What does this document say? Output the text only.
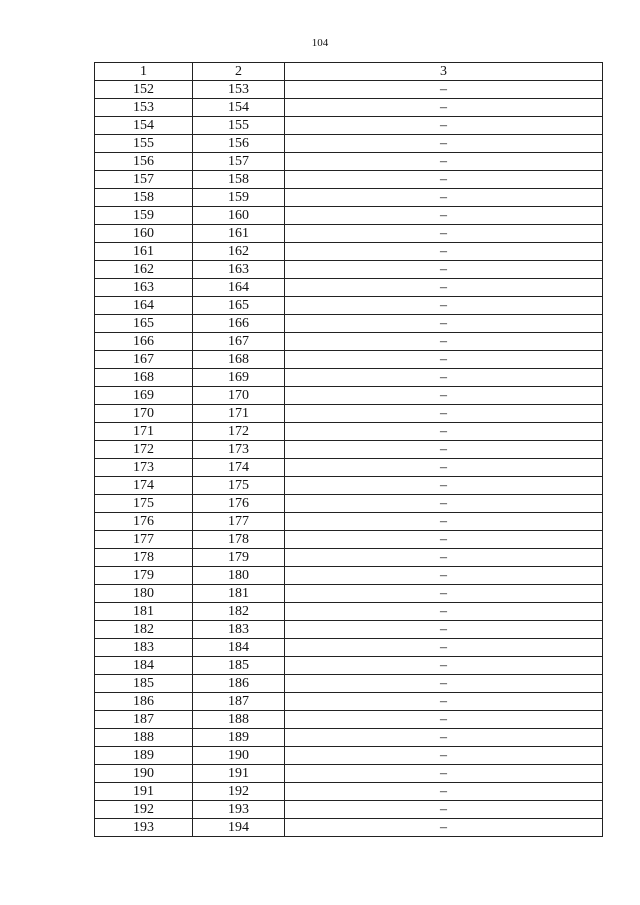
104
1	2	3
152	153	–
153	154	–
154	155	–
155	156	–
156	157	–
157	158	–
158	159	–
159	160	–
160	161	–
161	162	–
162	163	–
163	164	–
164	165	–
165	166	–
166	167	–
167	168	–
168	169	–
169	170	–
170	171	–
171	172	–
172	173	–
173	174	–
174	175	–
175	176	–
176	177	–
177	178	–
178	179	–
179	180	–
180	181	–
181	182	–
182	183	–
183	184	–
184	185	–
185	186	–
186	187	–
187	188	–
188	189	–
189	190	–
190	191	–
191	192	–
192	193	–
193	194	–
